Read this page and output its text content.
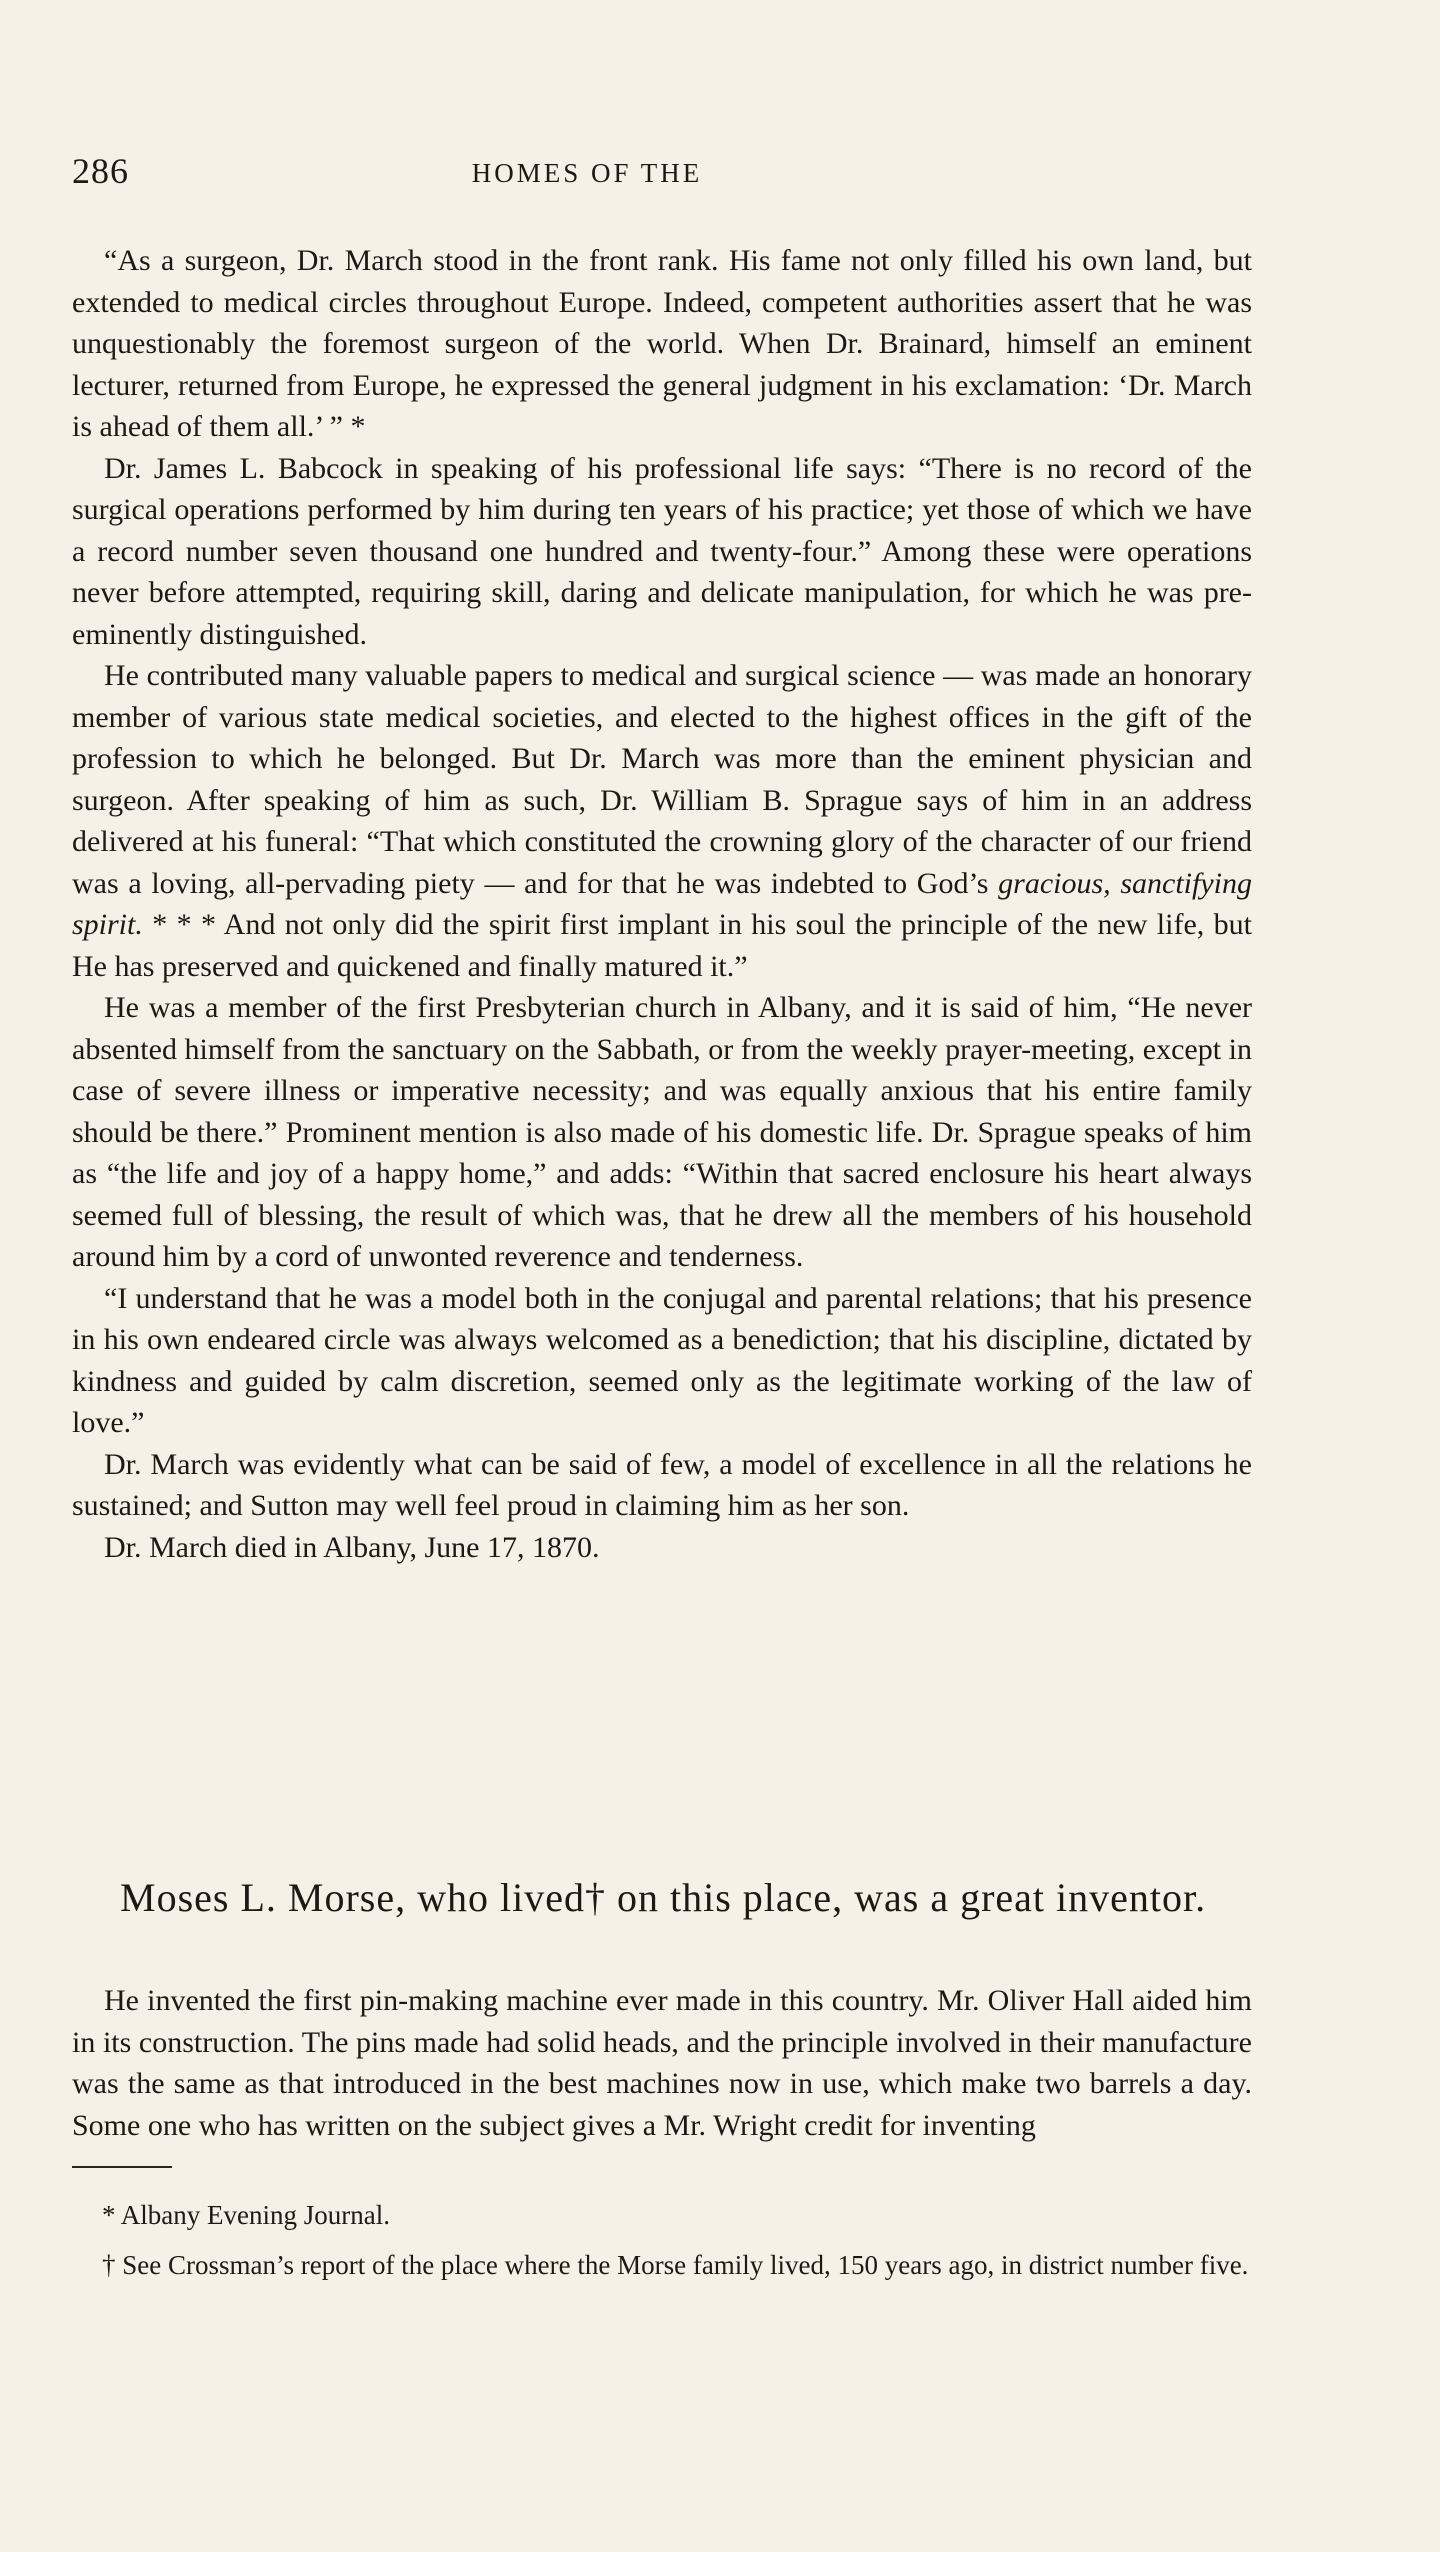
286	HOMES OF THE

“As a surgeon, Dr. March stood in the front rank. His fame not only filled his own land, but extended to medical circles throughout Europe. Indeed, competent authorities assert that he was unquestionably the foremost surgeon of the world. When Dr. Brainard, himself an eminent lecturer, returned from Europe, he expressed the general judgment in his exclamation: ‘Dr. March is ahead of them all.’ ” *

Dr. James L. Babcock in speaking of his professional life says: “There is no record of the surgical operations performed by him during ten years of his practice; yet those of which we have a record number seven thousand one hundred and twenty-four.” Among these were operations never before attempted, requiring skill, daring and delicate manipulation, for which he was pre-eminently distinguished.

He contributed many valuable papers to medical and surgical science — was made an honorary member of various state medical societies, and elected to the highest offices in the gift of the profession to which he belonged. But Dr. March was more than the eminent physician and surgeon. After speaking of him as such, Dr. William B. Sprague says of him in an address delivered at his funeral: “That which constituted the crowning glory of the character of our friend was a loving, all-pervading piety — and for that he was indebted to God’s gracious, sanctifying spirit. * * * And not only did the spirit first implant in his soul the principle of the new life, but He has preserved and quickened and finally matured it.”

He was a member of the first Presbyterian church in Albany, and it is said of him, “He never absented himself from the sanctuary on the Sabbath, or from the weekly prayer-meeting, except in case of severe illness or imperative necessity; and was equally anxious that his entire family should be there.” Prominent mention is also made of his domestic life. Dr. Sprague speaks of him as “the life and joy of a happy home,” and adds: “Within that sacred enclosure his heart always seemed full of blessing, the result of which was, that he drew all the members of his household around him by a cord of unwonted reverence and tenderness.

“I understand that he was a model both in the conjugal and parental relations; that his presence in his own endeared circle was always welcomed as a benediction; that his discipline, dictated by kindness and guided by calm discretion, seemed only as the legitimate working of the law of love.”

Dr. March was evidently what can be said of few, a model of excellence in all the relations he sustained; and Sutton may well feel proud in claiming him as her son.

Dr. March died in Albany, June 17, 1870.

Moses L. Morse, who lived† on this place, was a great inventor.

He invented the first pin-making machine ever made in this country. Mr. Oliver Hall aided him in its construction. The pins made had solid heads, and the principle involved in their manufacture was the same as that introduced in the best machines now in use, which make two barrels a day. Some one who has written on the subject gives a Mr. Wright credit for inventing

* Albany Evening Journal.

† See Crossman’s report of the place where the Morse family lived, 150 years ago, in district number five.
